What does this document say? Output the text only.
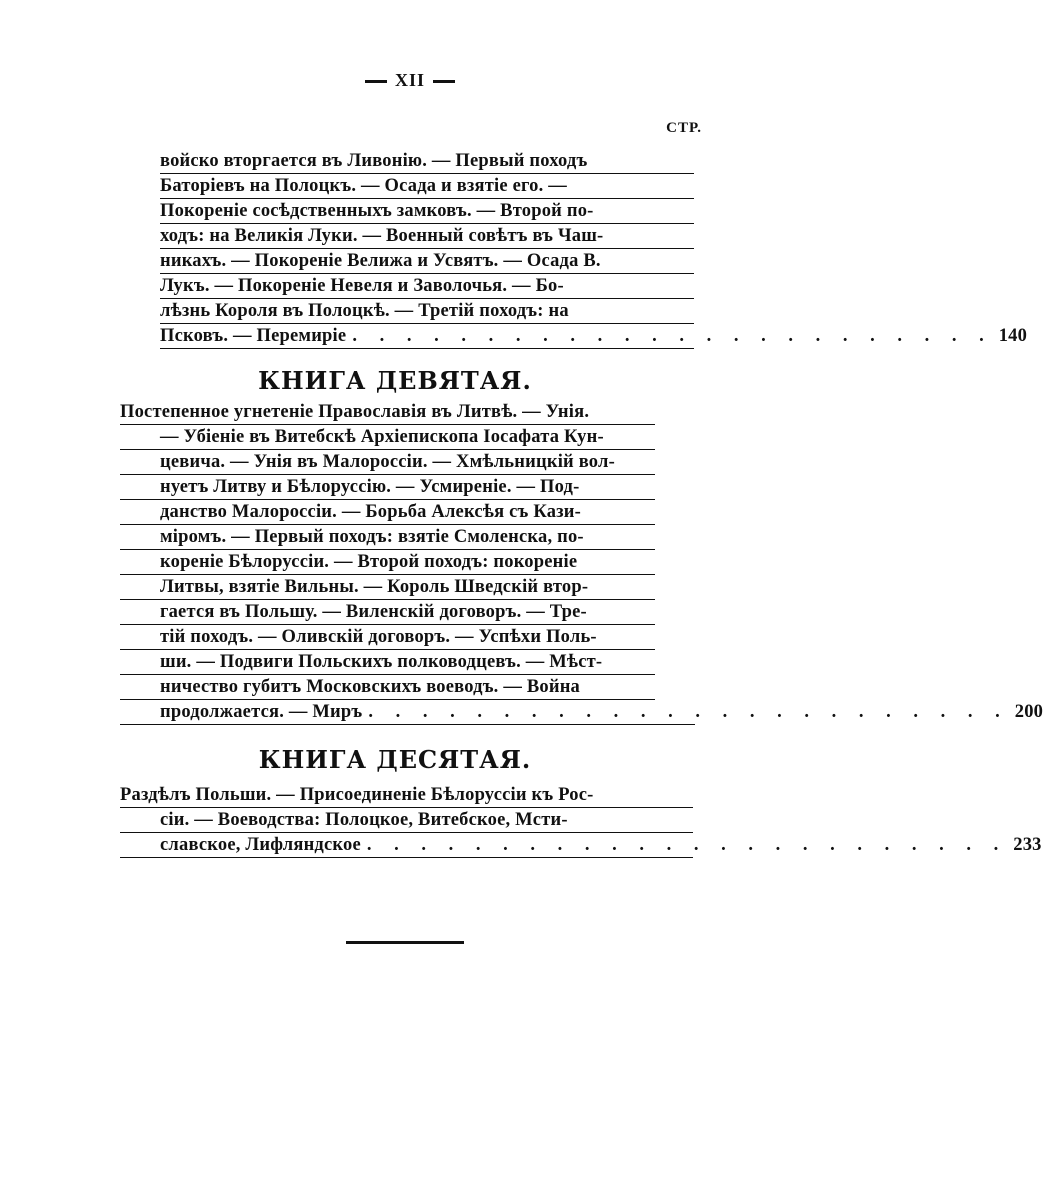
XII
СТР.
войско вторгается въ Ливонію. — Первый походъ
Баторіевъ на Полоцкъ. — Осада и взятіе его. —
Покореніе сосѣдственныхъ замковъ. — Второй по-
ходъ: на Великія Луки. — Военный совѣтъ въ Чаш-
никахъ. — Покореніе Велижа и Усвятъ. — Осада В.
Лукъ. — Покореніе Невеля и Заволочья. — Бо-
лѣзнь Короля въ Полоцкѣ. — Третій походъ: на
Псковъ. — Перемиріе . . . . . . . . . . . . . . . . . . . . . . . . 140
КНИГА ДЕВЯТАЯ.
Постепенное угнетеніе Православія въ Литвѣ. — Унія.
— Убіеніе въ Витебскѣ Архіепископа Іосафата Кун-
цевича. — Унія въ Малороссіи. — Хмѣльницкій вол-
нуетъ Литву и Бѣлоруссію. — Усмиреніе. — Под-
данство Малороссіи. — Борьба Алексѣя съ Кази-
міромъ. — Первый походъ: взятіе Смоленска, по-
кореніе Бѣлоруссіи. — Второй походъ: покореніе
Литвы, взятіе Вильны. — Король Шведскій втор-
гается въ Польшу. — Виленскій договоръ. — Тре-
тій походъ. — Оливскій договоръ. — Успѣхи Поль-
ши. — Подвиги Польскихъ полководцевъ. — Мѣст-
ничество губитъ Московскихъ воеводъ. — Война
продолжается. — Миръ . . . . . . . . . . . . . . . . . . . . . . . . 200
КНИГА ДЕСЯТАЯ.
Раздѣлъ Польши. — Присоединеніе Бѣлоруссіи къ Рос-
сіи. — Воеводства: Полоцкое, Витебское, Мсти-
славское, Лифляндское . . . . . . . . . . . . . . . . . . . . . . . . 233
